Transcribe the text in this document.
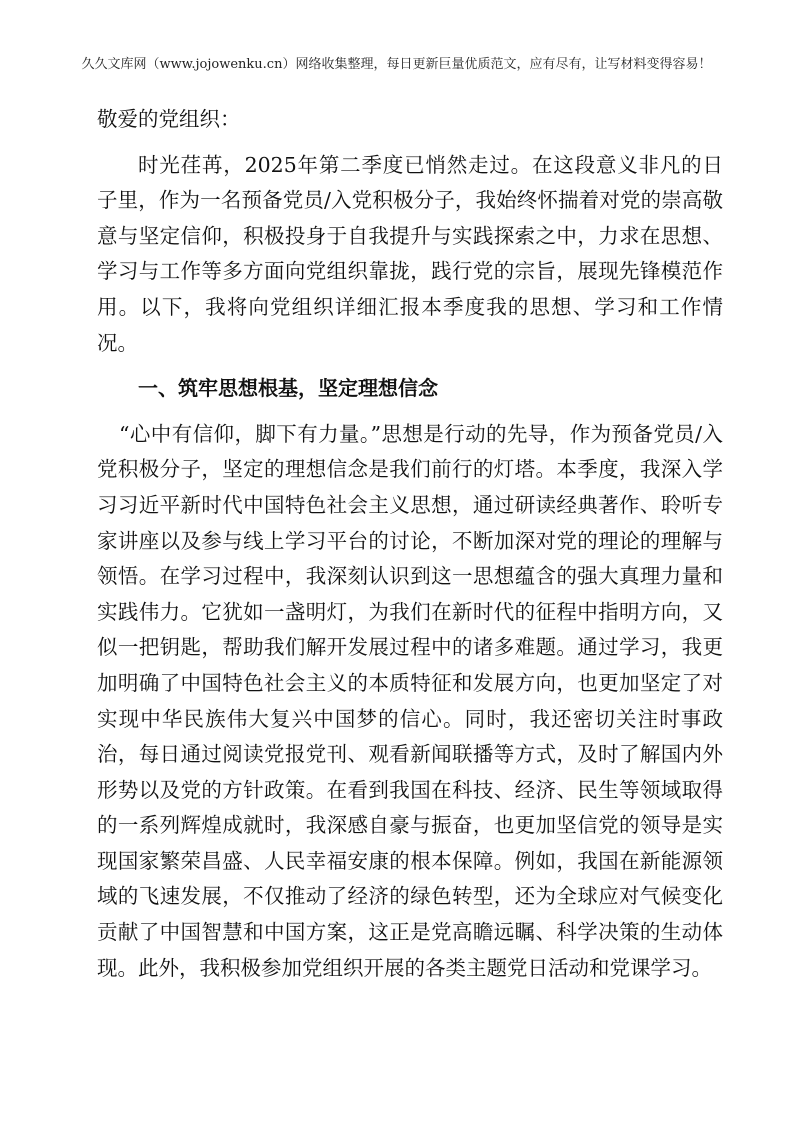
久久文库网（www.jojowenku.cn）网络收集整理，每日更新巨量优质范文，应有尽有，让写材料变得容易！

敬爱的党组织：

时光荏苒，2025年第二季度已悄然走过。在这段意义非凡的日子里，作为一名预备党员/入党积极分子，我始终怀揣着对党的崇高敬意与坚定信仰，积极投身于自我提升与实践探索之中，力求在思想、学习与工作等多方面向党组织靠拢，践行党的宗旨，展现先锋模范作用。以下，我将向党组织详细汇报本季度我的思想、学习和工作情况。

一、筑牢思想根基，坚定理想信念

“心中有信仰，脚下有力量。”思想是行动的先导，作为预备党员/入党积极分子，坚定的理想信念是我们前行的灯塔。本季度，我深入学习习近平新时代中国特色社会主义思想，通过研读经典著作、聆听专家讲座以及参与线上学习平台的讨论，不断加深对党的理论的理解与领悟。在学习过程中，我深刻认识到这一思想蕴含的强大真理力量和实践伟力。它犹如一盏明灯，为我们在新时代的征程中指明方向，又似一把钥匙，帮助我们解开发展过程中的诸多难题。通过学习，我更加明确了中国特色社会主义的本质特征和发展方向，也更加坚定了对实现中华民族伟大复兴中国梦的信心。同时，我还密切关注时事政治，每日通过阅读党报党刊、观看新闻联播等方式，及时了解国内外形势以及党的方针政策。在看到我国在科技、经济、民生等领域取得的一系列辉煌成就时，我深感自豪与振奋，也更加坚信党的领导是实现国家繁荣昌盛、人民幸福安康的根本保障。例如，我国在新能源领域的飞速发展，不仅推动了经济的绿色转型，还为全球应对气候变化贡献了中国智慧和中国方案，这正是党高瞻远瞩、科学决策的生动体现。此外，我积极参加党组织开展的各类主题党日活动和党课学习。
